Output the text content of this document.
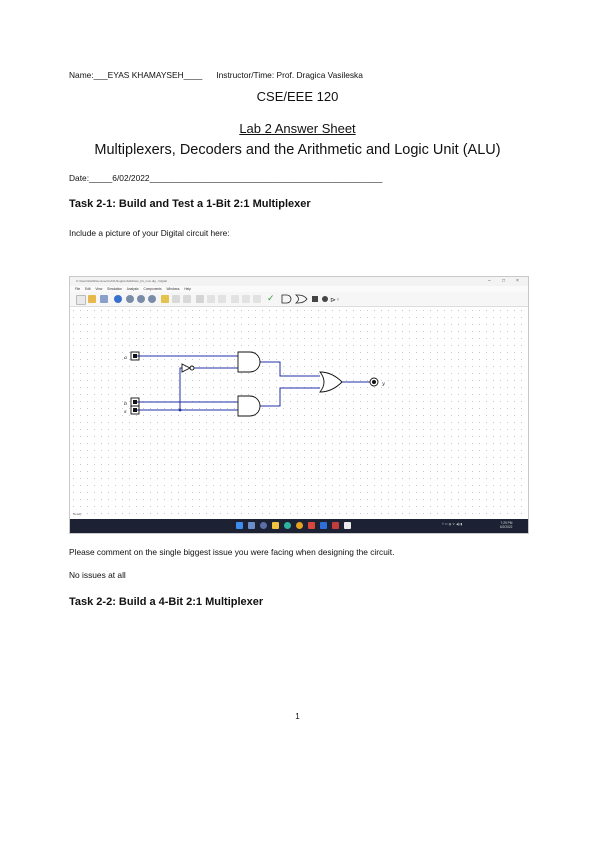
Name:___EYAS KHAMAYSEH____ Instructor/Time: Prof. Dragica Vasileska
CSE/EEE 120
Lab 2 Answer Sheet
Multiplexers, Decoders and the Arithmetic and Logic Unit (ALU)
Date:_____6/02/2022__________________________________________________
Task 2-1: Build and Test a 1-Bit 2:1 Multiplexer
Include a picture of your Digital circuit here:
C:\Users\Dell\Documents\ASU\logisim\lab2\two_bit_mux.dig - Digital	– □ ×
File Edit View Simulation Analysis Components Windows Help
✓	⊳◦
a
b
s
y
Ready
˄ ▭ ◍ ᯤ ◀) ▮	7:29 PM
6/2/2022
Please comment on the single biggest issue you were facing when designing the circuit.
No issues at all
Task 2-2: Build a 4-Bit 2:1 Multiplexer
1
